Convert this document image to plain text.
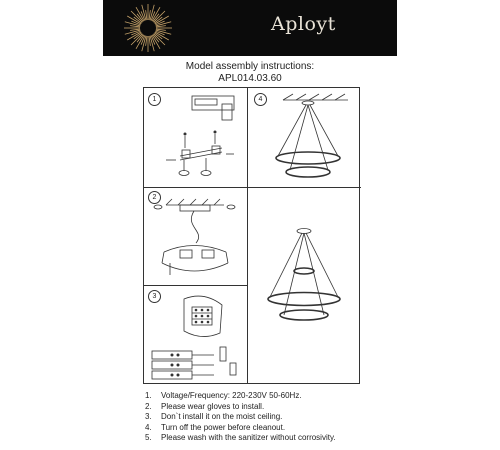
Aployt
Model assembly instructions:
APL014.03.60
1	4
2
3
1.	Voltage/Frequency: 220-230V 50-60Hz.
2.	Please wear gloves to install.
3.	Don`t install it on the moist ceiling.
4.	Turn off the power before cleanout.
5.	Please wash with the sanitizer without corrosivity.
